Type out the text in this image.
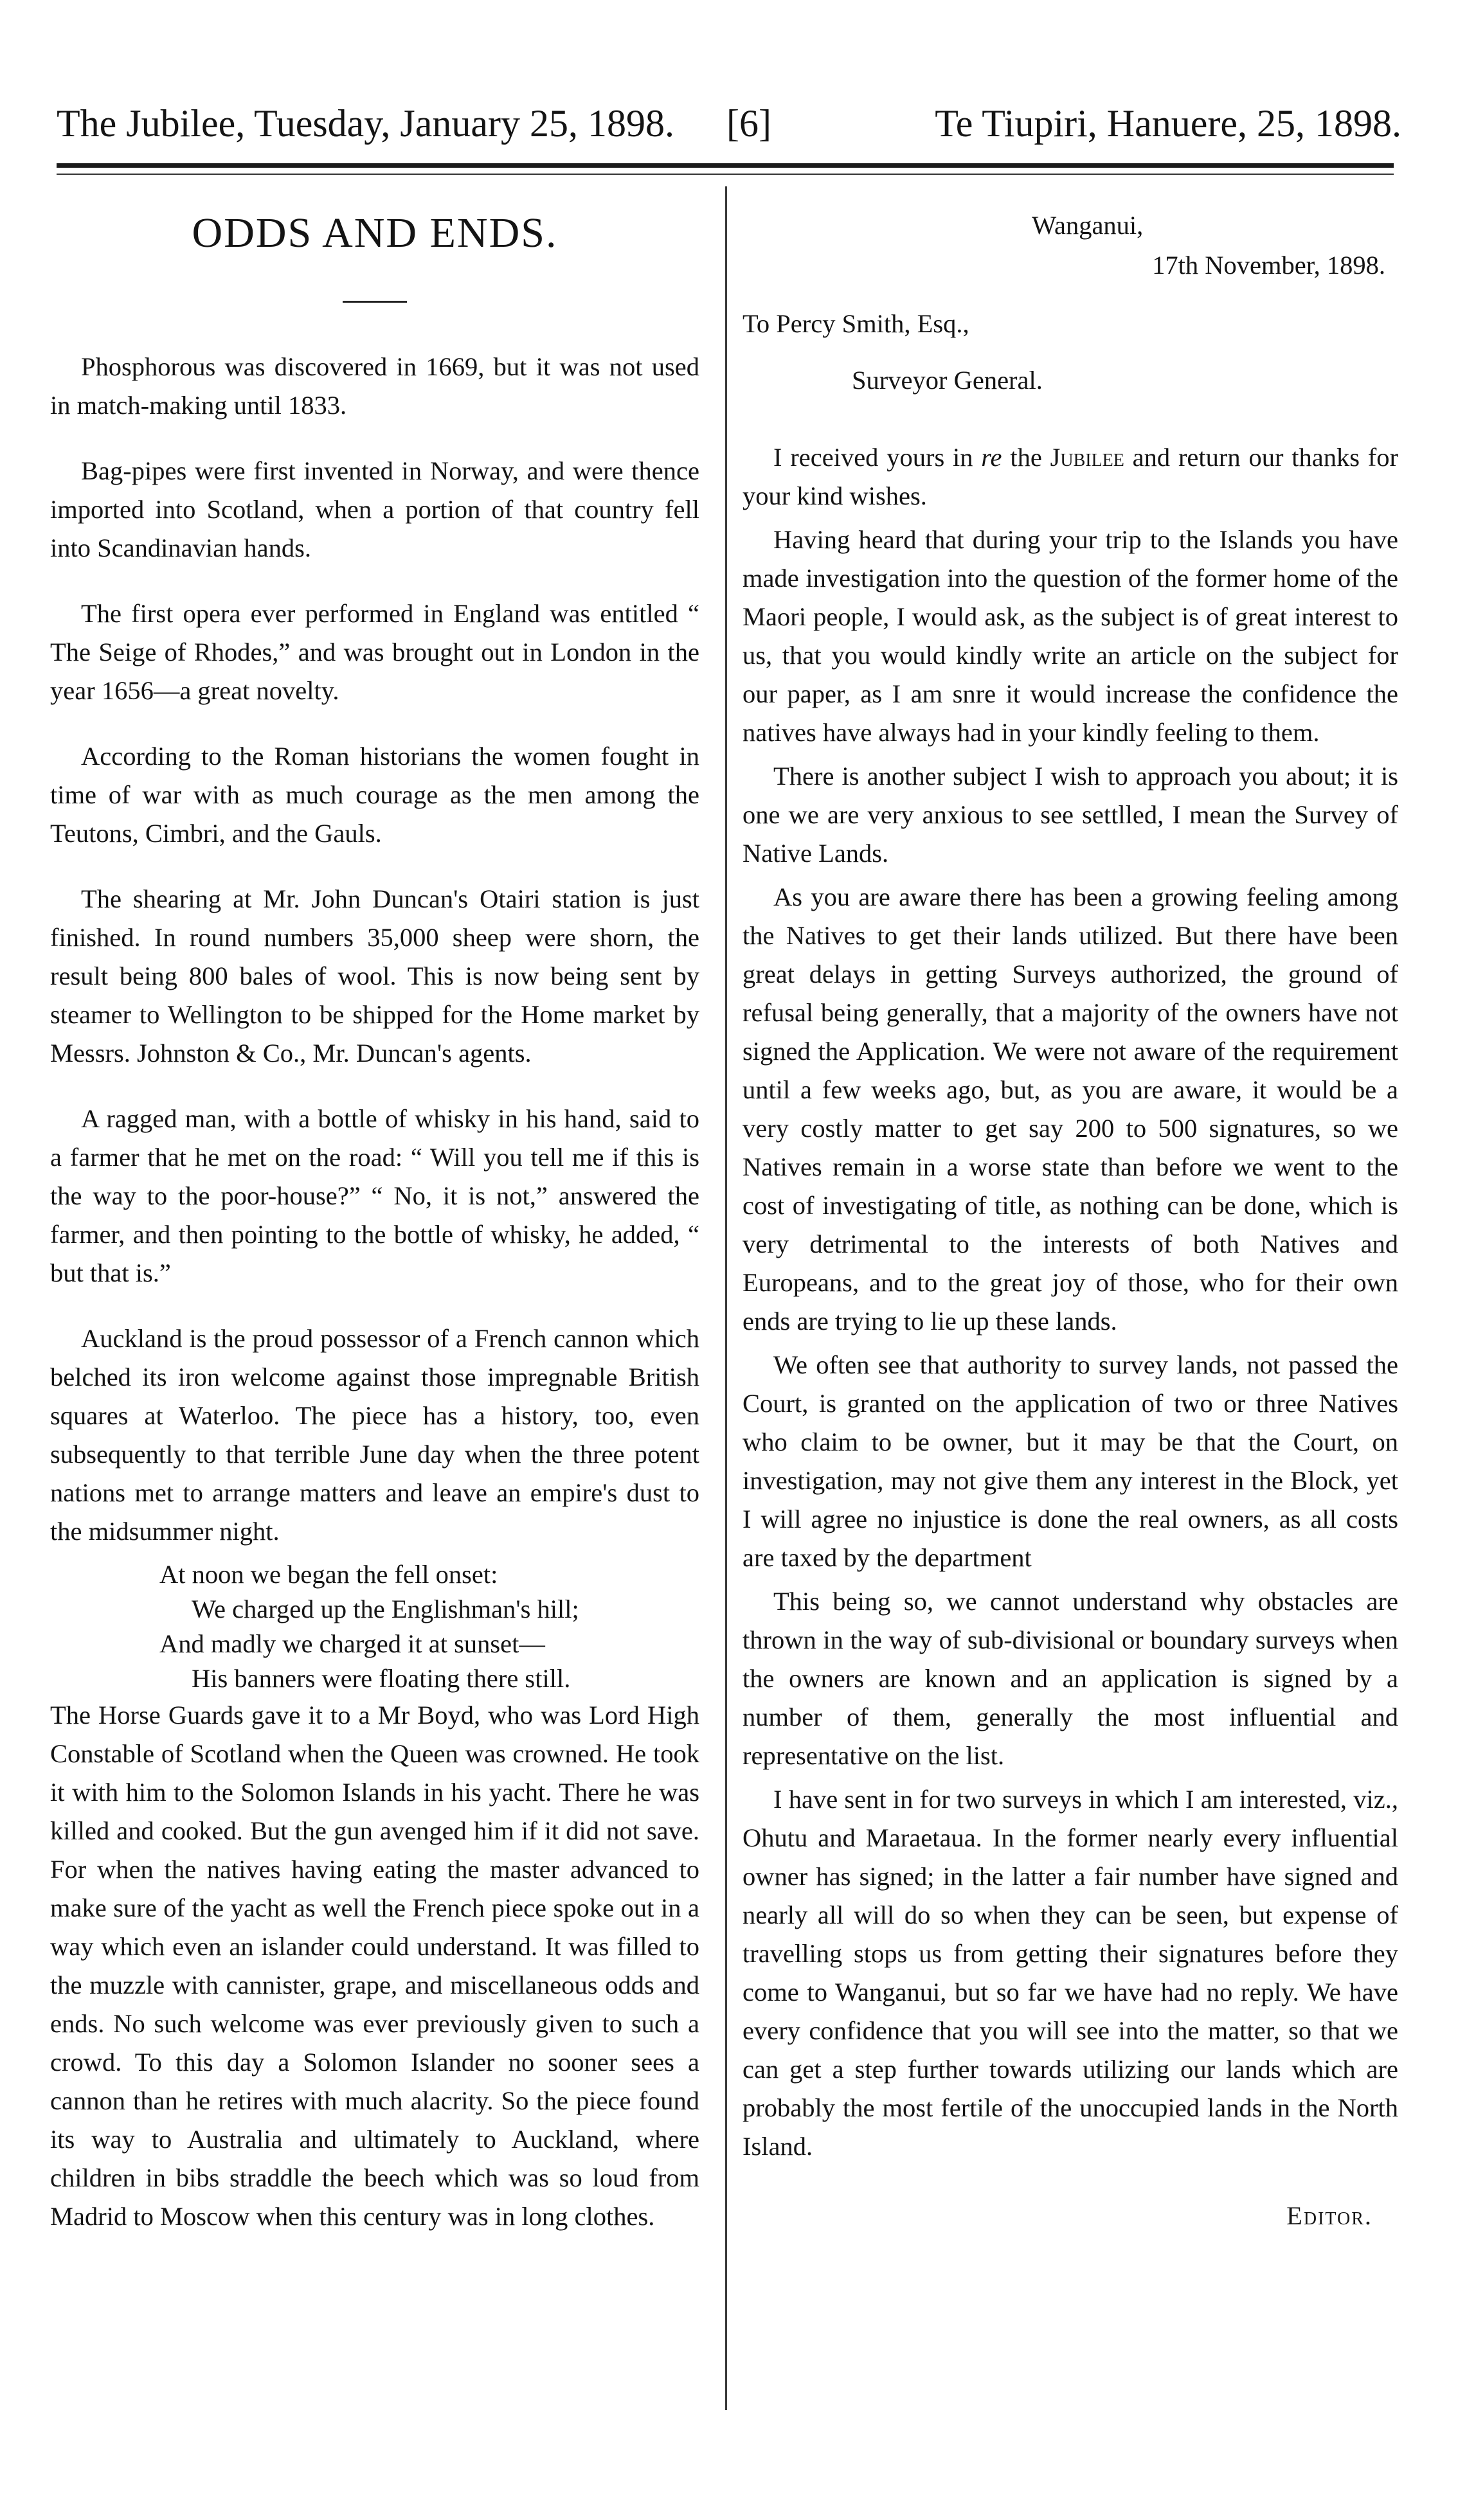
The Jubilee, Tuesday, January 25, 1898. [6]	Te Tiupiri, Hanuere, 25, 1898.
ODDS AND ENDS.

Phosphorous was discovered in 1669, but it was not used in match-making until 1833.

Bag-pipes were first invented in Norway, and were thence imported into Scotland, when a portion of that country fell into Scandinavian hands.

The first opera ever performed in England was entitled “ The Seige of Rhodes,” and was brought out in London in the year 1656—a great novelty.

According to the Roman historians the women fought in time of war with as much courage as the men among the Teutons, Cimbri, and the Gauls.

The shearing at Mr. John Duncan's Otairi station is just finished. In round numbers 35,000 sheep were shorn, the result being 800 bales of wool. This is now being sent by steamer to Wellington to be shipped for the Home market by Messrs. Johnston & Co., Mr. Duncan's agents.

A ragged man, with a bottle of whisky in his hand, said to a farmer that he met on the road: “ Will you tell me if this is the way to the poor-house?” “ No, it is not,” answered the farmer, and then pointing to the bottle of whisky, he added, “ but that is.”

Auckland is the proud possessor of a French cannon which belched its iron welcome against those impregnable British squares at Waterloo. The piece has a history, too, even subsequently to that terrible June day when the three potent nations met to arrange matters and leave an empire's dust to the midsummer night.

At noon we began the fell onset:
We charged up the Englishman's hill;
And madly we charged it at sunset—
His banners were floating there still.

The Horse Guards gave it to a Mr Boyd, who was Lord High Constable of Scotland when the Queen was crowned. He took it with him to the Solomon Islands in his yacht. There he was killed and cooked. But the gun avenged him if it did not save. For when the natives having eating the master advanced to make sure of the yacht as well the French piece spoke out in a way which even an islander could understand. It was filled to the muzzle with cannister, grape, and miscellaneous odds and ends. No such welcome was ever previously given to such a crowd. To this day a Solomon Islander no sooner sees a cannon than he retires with much alacrity. So the piece found its way to Australia and ultimately to Auckland, where children in bibs straddle the beech which was so loud from Madrid to Moscow when this century was in long clothes.

Wanganui,
17th November, 1898.

To Percy Smith, Esq.,

Surveyor General.

I received yours in re the Jubilee and return our thanks for your kind wishes.

Having heard that during your trip to the Islands you have made investigation into the question of the former home of the Maori people, I would ask, as the subject is of great interest to us, that you would kindly write an article on the subject for our paper, as I am snre it would increase the confidence the natives have always had in your kindly feeling to them.

There is another subject I wish to approach you about; it is one we are very anxious to see settlled, I mean the Survey of Native Lands.

As you are aware there has been a growing feeling among the Natives to get their lands utilized. But there have been great delays in getting Surveys authorized, the ground of refusal being generally, that a majority of the owners have not signed the Application. We were not aware of the requirement until a few weeks ago, but, as you are aware, it would be a very costly matter to get say 200 to 500 signatures, so we Natives remain in a worse state than before we went to the cost of investigating of title, as nothing can be done, which is very detrimental to the interests of both Natives and Europeans, and to the great joy of those, who for their own ends are trying to lie up these lands.

We often see that authority to survey lands, not passed the Court, is granted on the application of two or three Natives who claim to be owner, but it may be that the Court, on investigation, may not give them any interest in the Block, yet I will agree no injustice is done the real owners, as all costs are taxed by the department

This being so, we cannot understand why obstacles are thrown in the way of sub-divisional or boundary surveys when the owners are known and an application is signed by a number of them, generally the most influential and representative on the list.

I have sent in for two surveys in which I am interested, viz., Ohutu and Maraetaua. In the former nearly every influential owner has signed; in the latter a fair number have signed and nearly all will do so when they can be seen, but expense of travelling stops us from getting their signatures before they come to Wanganui, but so far we have had no reply. We have every confidence that you will see into the matter, so that we can get a step further towards utilizing our lands which are probably the most fertile of the unoccupied lands in the North Island.

Editor.
